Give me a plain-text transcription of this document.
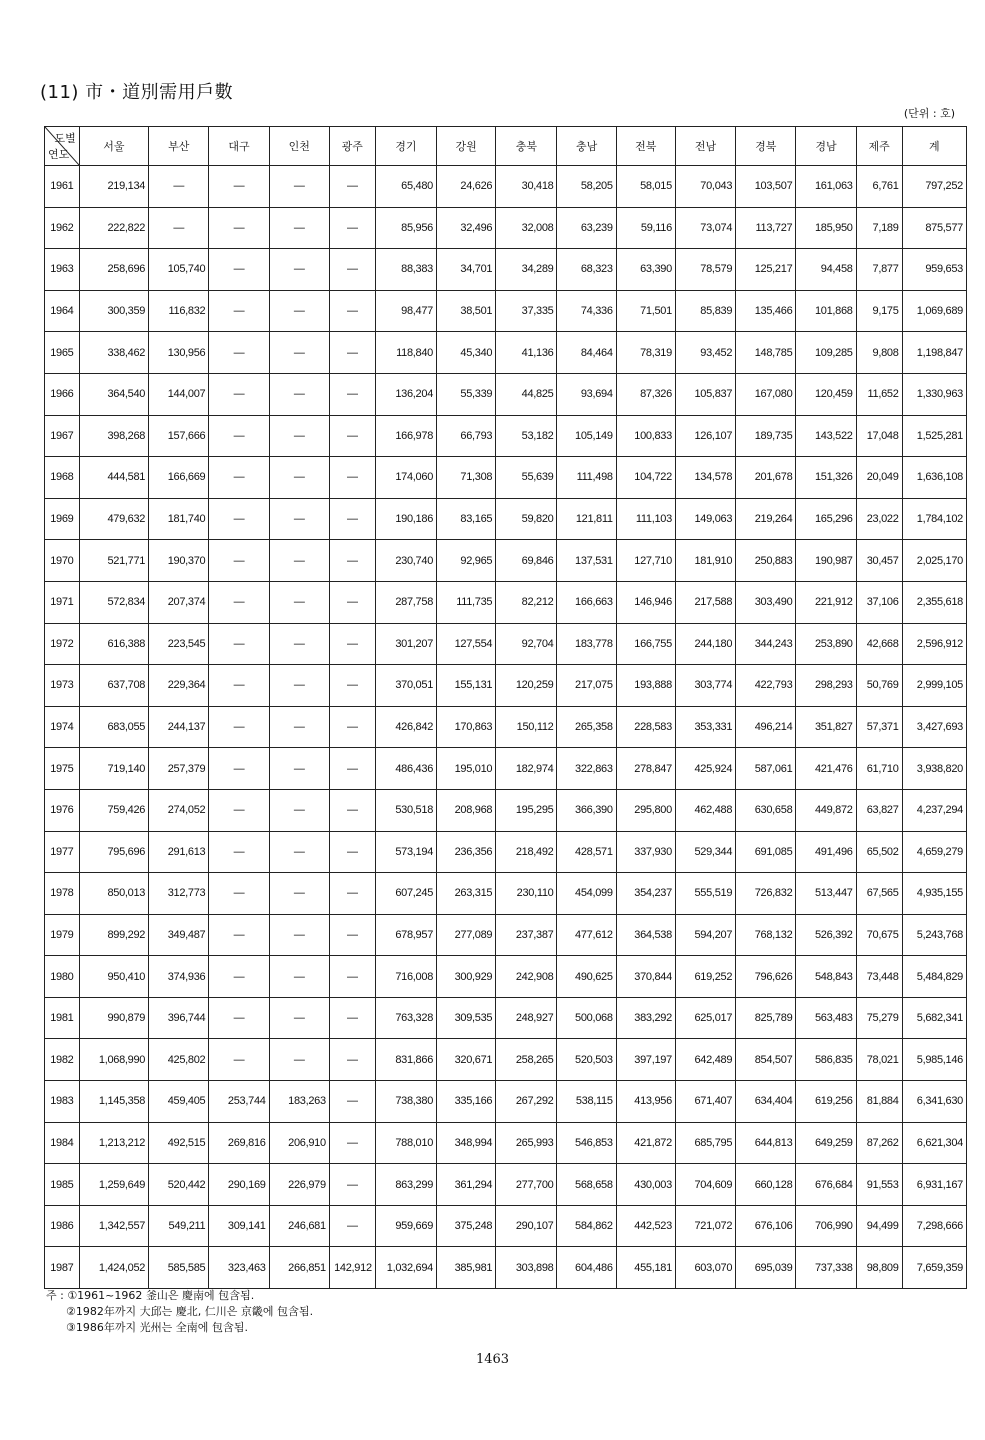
(11) 市・道別需用戶數
(단위 : 호)
도별
연도	서울	부산	대구	인천	광주	경기	강원	충북	충남	전북	전남	경북	경남	제주	계
1961	219,134	—	—	—	—	65,480	24,626	30,418	58,205	58,015	70,043	103,507	161,063	6,761	797,252
1962	222,822	—	—	—	—	85,956	32,496	32,008	63,239	59,116	73,074	113,727	185,950	7,189	875,577
1963	258,696	105,740	—	—	—	88,383	34,701	34,289	68,323	63,390	78,579	125,217	94,458	7,877	959,653
1964	300,359	116,832	—	—	—	98,477	38,501	37,335	74,336	71,501	85,839	135,466	101,868	9,175	1,069,689
1965	338,462	130,956	—	—	—	118,840	45,340	41,136	84,464	78,319	93,452	148,785	109,285	9,808	1,198,847
1966	364,540	144,007	—	—	—	136,204	55,339	44,825	93,694	87,326	105,837	167,080	120,459	11,652	1,330,963
1967	398,268	157,666	—	—	—	166,978	66,793	53,182	105,149	100,833	126,107	189,735	143,522	17,048	1,525,281
1968	444,581	166,669	—	—	—	174,060	71,308	55,639	111,498	104,722	134,578	201,678	151,326	20,049	1,636,108
1969	479,632	181,740	—	—	—	190,186	83,165	59,820	121,811	111,103	149,063	219,264	165,296	23,022	1,784,102
1970	521,771	190,370	—	—	—	230,740	92,965	69,846	137,531	127,710	181,910	250,883	190,987	30,457	2,025,170
1971	572,834	207,374	—	—	—	287,758	111,735	82,212	166,663	146,946	217,588	303,490	221,912	37,106	2,355,618
1972	616,388	223,545	—	—	—	301,207	127,554	92,704	183,778	166,755	244,180	344,243	253,890	42,668	2,596,912
1973	637,708	229,364	—	—	—	370,051	155,131	120,259	217,075	193,888	303,774	422,793	298,293	50,769	2,999,105
1974	683,055	244,137	—	—	—	426,842	170,863	150,112	265,358	228,583	353,331	496,214	351,827	57,371	3,427,693
1975	719,140	257,379	—	—	—	486,436	195,010	182,974	322,863	278,847	425,924	587,061	421,476	61,710	3,938,820
1976	759,426	274,052	—	—	—	530,518	208,968	195,295	366,390	295,800	462,488	630,658	449,872	63,827	4,237,294
1977	795,696	291,613	—	—	—	573,194	236,356	218,492	428,571	337,930	529,344	691,085	491,496	65,502	4,659,279
1978	850,013	312,773	—	—	—	607,245	263,315	230,110	454,099	354,237	555,519	726,832	513,447	67,565	4,935,155
1979	899,292	349,487	—	—	—	678,957	277,089	237,387	477,612	364,538	594,207	768,132	526,392	70,675	5,243,768
1980	950,410	374,936	—	—	—	716,008	300,929	242,908	490,625	370,844	619,252	796,626	548,843	73,448	5,484,829
1981	990,879	396,744	—	—	—	763,328	309,535	248,927	500,068	383,292	625,017	825,789	563,483	75,279	5,682,341
1982	1,068,990	425,802	—	—	—	831,866	320,671	258,265	520,503	397,197	642,489	854,507	586,835	78,021	5,985,146
1983	1,145,358	459,405	253,744	183,263	—	738,380	335,166	267,292	538,115	413,956	671,407	634,404	619,256	81,884	6,341,630
1984	1,213,212	492,515	269,816	206,910	—	788,010	348,994	265,993	546,853	421,872	685,795	644,813	649,259	87,262	6,621,304
1985	1,259,649	520,442	290,169	226,979	—	863,299	361,294	277,700	568,658	430,003	704,609	660,128	676,684	91,553	6,931,167
1986	1,342,557	549,211	309,141	246,681	—	959,669	375,248	290,107	584,862	442,523	721,072	676,106	706,990	94,499	7,298,666
1987	1,424,052	585,585	323,463	266,851	142,912	1,032,694	385,981	303,898	604,486	455,181	603,070	695,039	737,338	98,809	7,659,359
주 : ①1961~1962 釜山은 慶南에 包含됨.
②1982年까지 大邱는 慶北, 仁川은 京畿에 包含됨.
③1986年까지 光州는 全南에 包含됨.
1463
